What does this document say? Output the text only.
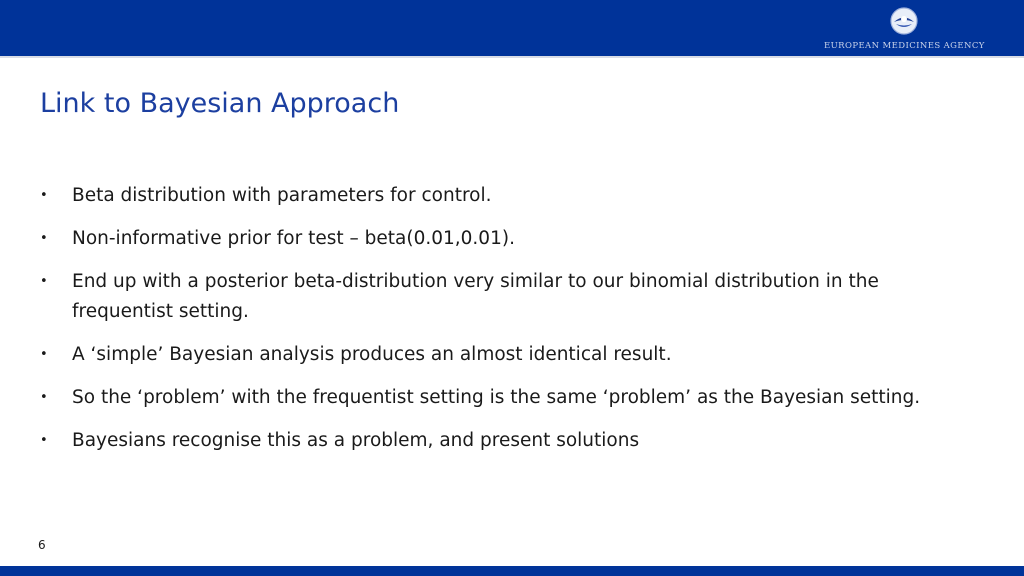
EUROPEAN MEDICINES AGENCY
Link to Bayesian Approach
• Beta distribution with parameters for control.
• Non-informative prior for test – beta(0.01,0.01).
• End up with a posterior beta-distribution very similar to our binomial distribution in the frequentist setting.
• A ‘simple’ Bayesian analysis produces an almost identical result.
• So the ‘problem’ with the frequentist setting is the same ‘problem’ as the Bayesian setting.
• Bayesians recognise this as a problem, and present solutions
6
